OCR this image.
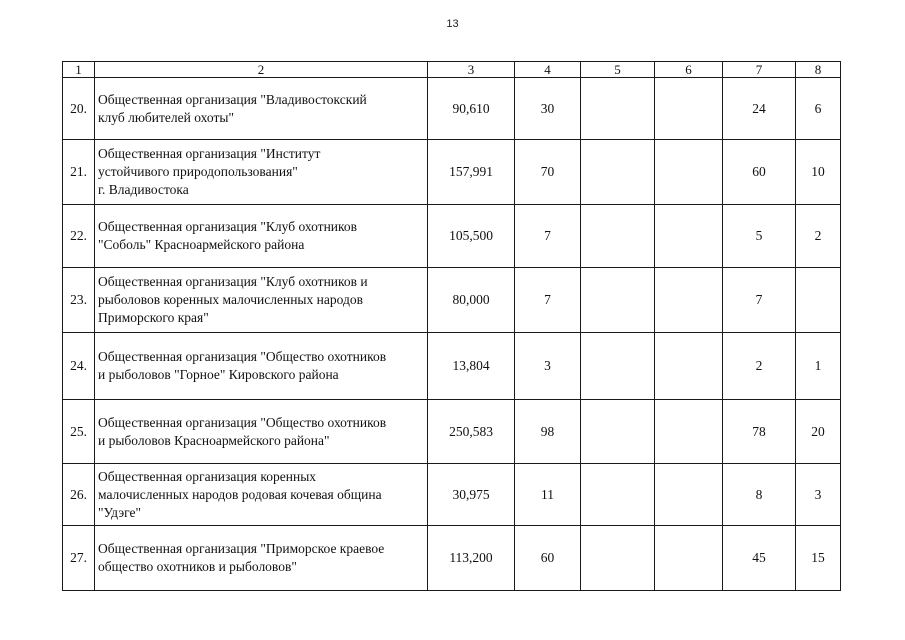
13
1	2	3	4	5	6	7	8
20.	Общественная организация "Владивостокский
клуб любителей охоты"	90,610	30			24	6
21.	Общественная организация "Институт
устойчивого природопользования"
г. Владивостока	157,991	70			60	10
22.	Общественная организация "Клуб охотников
"Соболь" Красноармейского района	105,500	7			5	2
23.	Общественная организация "Клуб охотников и
рыболовов коренных малочисленных народов
Приморского края"	80,000	7			7	
24.	Общественная организация "Общество охотников
и рыболовов "Горное" Кировского района	13,804	3			2	1
25.	Общественная организация "Общество охотников
и рыболовов Красноармейского района"	250,583	98			78	20
26.	Общественная организация коренных
малочисленных народов родовая кочевая община
"Удэге"	30,975	11			8	3
27.	Общественная организация "Приморское краевое
общество охотников и рыболовов"	113,200	60			45	15
